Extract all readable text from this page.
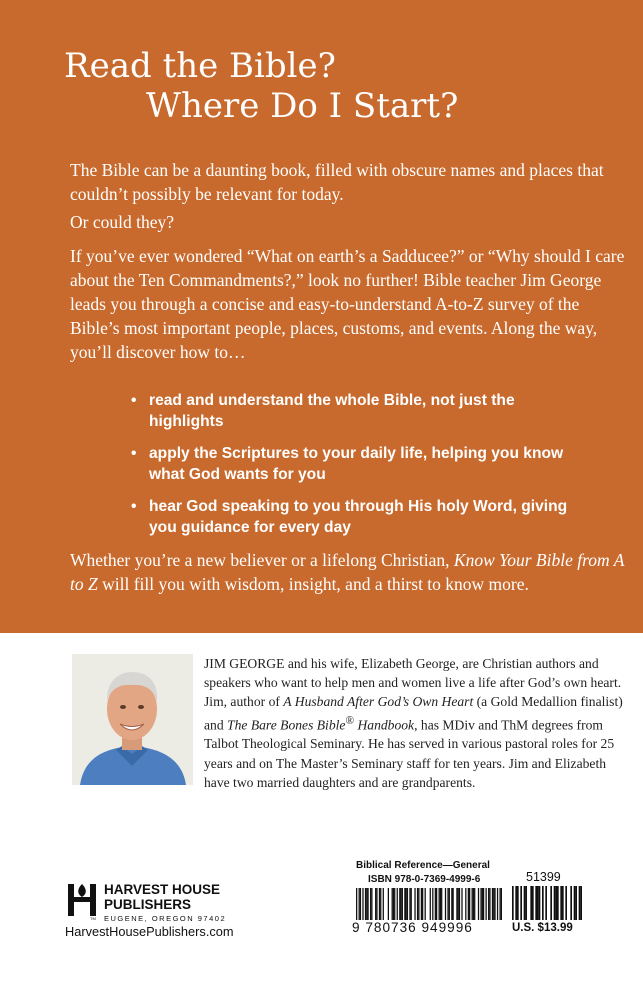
Read the Bible?
Where Do I Start?

The Bible can be a daunting book, filled with obscure names and places that couldn’t possibly be relevant for today.

Or could they?

If you’ve ever wondered “What on earth’s a Sadducee?” or “Why should I care about the Ten Commandments?,” look no further! Bible teacher Jim George leads you through a concise and easy-to-understand A-to-Z survey of the Bible’s most important people, places, customs, and events. Along the way, you’ll discover how to…

• read and understand the whole Bible, not just the highlights
• apply the Scriptures to your daily life, helping you know what God wants for you
• hear God speaking to you through His holy Word, giving you guidance for every day

Whether you’re a new believer or a lifelong Christian, Know Your Bible from A to Z will fill you with wisdom, insight, and a thirst to know more.

JIM GEORGE and his wife, Elizabeth George, are Christian authors and speakers who want to help men and women live a life after God’s own heart. Jim, author of A Husband After God’s Own Heart (a Gold Medallion finalist) and The Bare Bones Bible® Handbook, has MDiv and ThM degrees from Talbot Theological Seminary. He has served in various pastoral roles for 25 years and on The Master’s Seminary staff for ten years. Jim and Elizabeth have two married daughters and are grandparents.

TM
HARVEST HOUSE
PUBLISHERS
EUGENE, OREGON 97402
HarvestHousePublishers.com
Biblical Reference—General
ISBN 978-0-7369-4999-6
9 780736 949996
51399
U.S. $13.99
